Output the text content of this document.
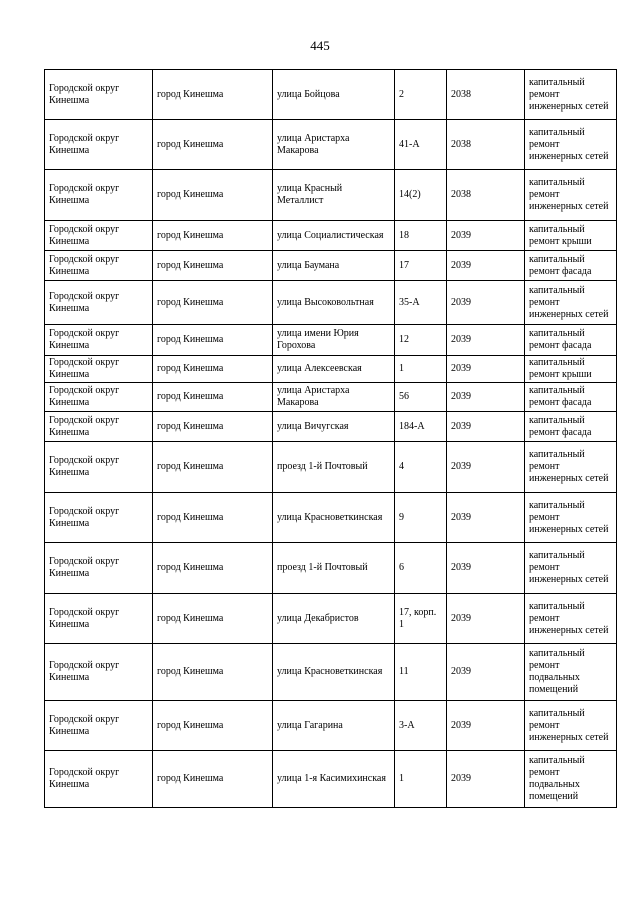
445
Городской округ Кинешма	город Кинешма	улица Бойцова	2	2038	капитальный ремонт инженерных сетей
Городской округ Кинешма	город Кинешма	улица Аристарха Макарова	41-А	2038	капитальный ремонт инженерных сетей
Городской округ Кинешма	город Кинешма	улица Красный Металлист	14(2)	2038	капитальный ремонт инженерных сетей
Городской округ Кинешма	город Кинешма	улица Социалистическая	18	2039	капитальный ремонт крыши
Городской округ Кинешма	город Кинешма	улица Баумана	17	2039	капитальный ремонт фасада
Городской округ Кинешма	город Кинешма	улица Высоковольтная	35-А	2039	капитальный ремонт инженерных сетей
Городской округ Кинешма	город Кинешма	улица имени Юрия Горохова	12	2039	капитальный ремонт фасада
Городской округ Кинешма	город Кинешма	улица Алексеевская	1	2039	капитальный ремонт крыши
Городской округ Кинешма	город Кинешма	улица Аристарха Макарова	56	2039	капитальный ремонт фасада
Городской округ Кинешма	город Кинешма	улица Вичугская	184-А	2039	капитальный ремонт фасада
Городской округ Кинешма	город Кинешма	проезд 1-й Почтовый	4	2039	капитальный ремонт инженерных сетей
Городской округ Кинешма	город Кинешма	улица Красноветкинская	9	2039	капитальный ремонт инженерных сетей
Городской округ Кинешма	город Кинешма	проезд 1-й Почтовый	6	2039	капитальный ремонт инженерных сетей
Городской округ Кинешма	город Кинешма	улица Декабристов	17, корп. 1	2039	капитальный ремонт инженерных сетей
Городской округ Кинешма	город Кинешма	улица Красноветкинская	11	2039	капитальный ремонт подвальных помещений
Городской округ Кинешма	город Кинешма	улица Гагарина	3-А	2039	капитальный ремонт инженерных сетей
Городской округ Кинешма	город Кинешма	улица 1-я Касимихинская	1	2039	капитальный ремонт подвальных помещений
